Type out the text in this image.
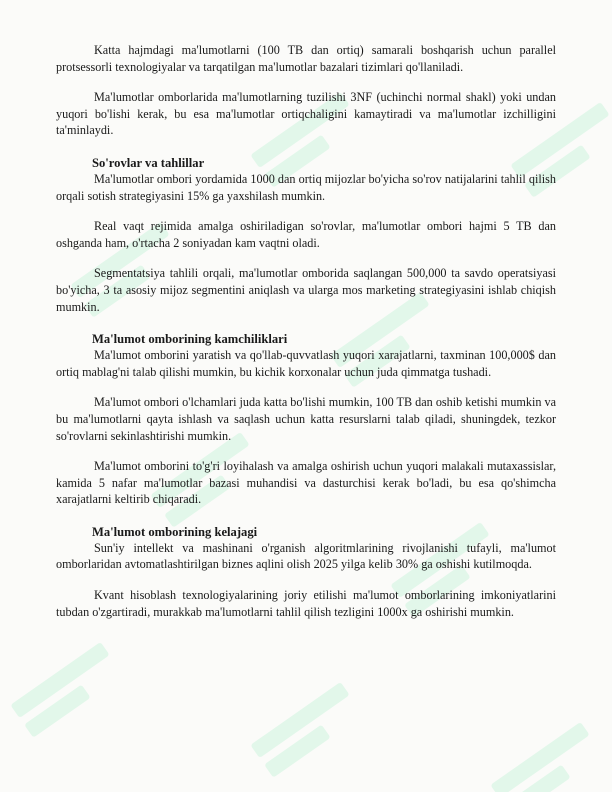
Katta hajmdagi ma'lumotlarni (100 TB dan ortiq) samarali boshqarish uchun parallel protsessorli texnologiyalar va tarqatilgan ma'lumotlar bazalari tizimlari qo'llaniladi.

Ma'lumotlar omborlarida ma'lumotlarning tuzilishi 3NF (uchinchi normal shakl) yoki undan yuqori bo'lishi kerak, bu esa ma'lumotlar ortiqchaligini kamaytiradi va ma'lumotlar izchilligini ta'minlaydi.

So'rovlar va tahlillar

Ma'lumotlar ombori yordamida 1000 dan ortiq mijozlar bo'yicha so'rov natijalarini tahlil qilish orqali sotish strategiyasini 15% ga yaxshilash mumkin.

Real vaqt rejimida amalga oshiriladigan so'rovlar, ma'lumotlar ombori hajmi 5 TB dan oshganda ham, o'rtacha 2 soniyadan kam vaqtni oladi.

Segmentatsiya tahlili orqali, ma'lumotlar omborida saqlangan 500,000 ta savdo operatsiyasi bo'yicha, 3 ta asosiy mijoz segmentini aniqlash va ularga mos marketing strategiyasini ishlab chiqish mumkin.

Ma'lumot omborining kamchiliklari

Ma'lumot omborini yaratish va qo'llab-quvvatlash yuqori xarajatlarni, taxminan 100,000$ dan ortiq mablag'ni talab qilishi mumkin, bu kichik korxonalar uchun juda qimmatga tushadi.

Ma'lumot ombori o'lchamlari juda katta bo'lishi mumkin, 100 TB dan oshib ketishi mumkin va bu ma'lumotlarni qayta ishlash va saqlash uchun katta resurslarni talab qiladi, shuningdek, tezkor so'rovlarni sekinlashtirishi mumkin.

Ma'lumot omborini to'g'ri loyihalash va amalga oshirish uchun yuqori malakali mutaxassislar, kamida 5 nafar ma'lumotlar bazasi muhandisi va dasturchisi kerak bo'ladi, bu esa qo'shimcha xarajatlarni keltirib chiqaradi.

Ma'lumot omborining kelajagi

Sun'iy intellekt va mashinani o'rganish algoritmlarining rivojlanishi tufayli, ma'lumot omborlaridan avtomatlashtirilgan biznes aqlini olish 2025 yilga kelib 30% ga oshishi kutilmoqda.

Kvant hisoblash texnologiyalarining joriy etilishi ma'lumot omborlarining imkoniyatlarini tubdan o'zgartiradi, murakkab ma'lumotlarni tahlil qilish tezligini 1000x ga oshirishi mumkin.
